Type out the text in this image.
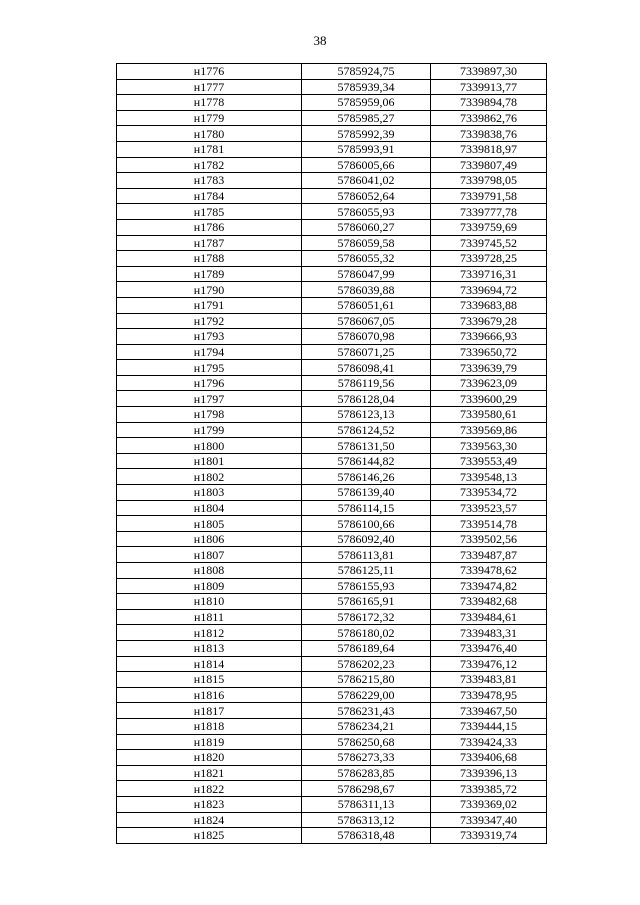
38
н1776	5785924,75	7339897,30
н1777	5785939,34	7339913,77
н1778	5785959,06	7339894,78
н1779	5785985,27	7339862,76
н1780	5785992,39	7339838,76
н1781	5785993,91	7339818,97
н1782	5786005,66	7339807,49
н1783	5786041,02	7339798,05
н1784	5786052,64	7339791,58
н1785	5786055,93	7339777,78
н1786	5786060,27	7339759,69
н1787	5786059,58	7339745,52
н1788	5786055,32	7339728,25
н1789	5786047,99	7339716,31
н1790	5786039,88	7339694,72
н1791	5786051,61	7339683,88
н1792	5786067,05	7339679,28
н1793	5786070,98	7339666,93
н1794	5786071,25	7339650,72
н1795	5786098,41	7339639,79
н1796	5786119,56	7339623,09
н1797	5786128,04	7339600,29
н1798	5786123,13	7339580,61
н1799	5786124,52	7339569,86
н1800	5786131,50	7339563,30
н1801	5786144,82	7339553,49
н1802	5786146,26	7339548,13
н1803	5786139,40	7339534,72
н1804	5786114,15	7339523,57
н1805	5786100,66	7339514,78
н1806	5786092,40	7339502,56
н1807	5786113,81	7339487,87
н1808	5786125,11	7339478,62
н1809	5786155,93	7339474,82
н1810	5786165,91	7339482,68
н1811	5786172,32	7339484,61
н1812	5786180,02	7339483,31
н1813	5786189,64	7339476,40
н1814	5786202,23	7339476,12
н1815	5786215,80	7339483,81
н1816	5786229,00	7339478,95
н1817	5786231,43	7339467,50
н1818	5786234,21	7339444,15
н1819	5786250,68	7339424,33
н1820	5786273,33	7339406,68
н1821	5786283,85	7339396,13
н1822	5786298,67	7339385,72
н1823	5786311,13	7339369,02
н1824	5786313,12	7339347,40
н1825	5786318,48	7339319,74
